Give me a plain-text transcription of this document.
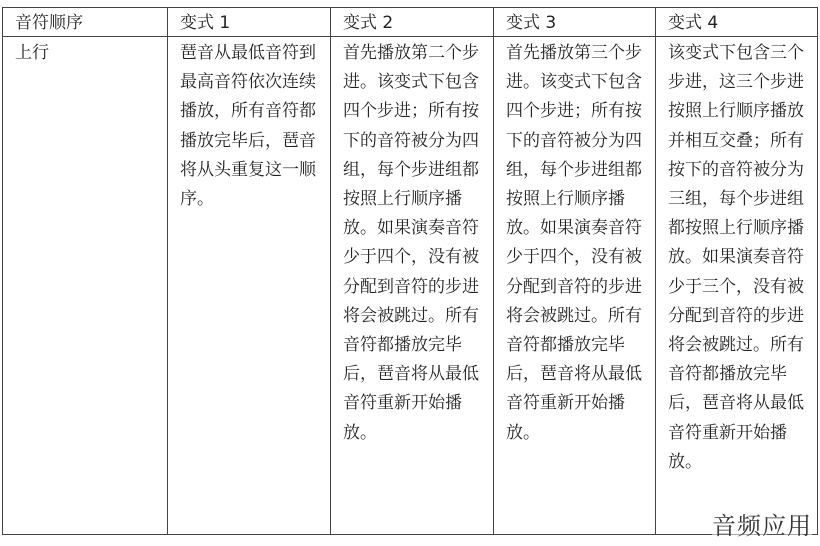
音符顺序	变式 1	变式 2	变式 3	变式 4

上行	琶音从最低音符到最高音符依次连续播放，所有音符都播放完毕后，琶音将从头重复这一顺序。	首先播放第二个步进。该变式下包含四个步进；所有按下的音符被分为四组，每个步进组都按照上行顺序播放。如果演奏音符少于四个，没有被分配到音符的步进将会被跳过。所有音符都播放完毕后，琶音将从最低音符重新开始播放。	首先播放第三个步进。该变式下包含四个步进；所有按下的音符被分为四组，每个步进组都按照上行顺序播放。如果演奏音符少于四个，没有被分配到音符的步进将会被跳过。所有音符都播放完毕后，琶音将从最低音符重新开始播放。	该变式下包含三个步进，这三个步进按照上行顺序播放并相互交叠；所有按下的音符被分为三组，每个步进组都按照上行顺序播放。如果演奏音符少于三个，没有被分配到音符的步进将会被跳过。所有音符都播放完毕后，琶音将从最低音符重新开始播放。
音频应用
